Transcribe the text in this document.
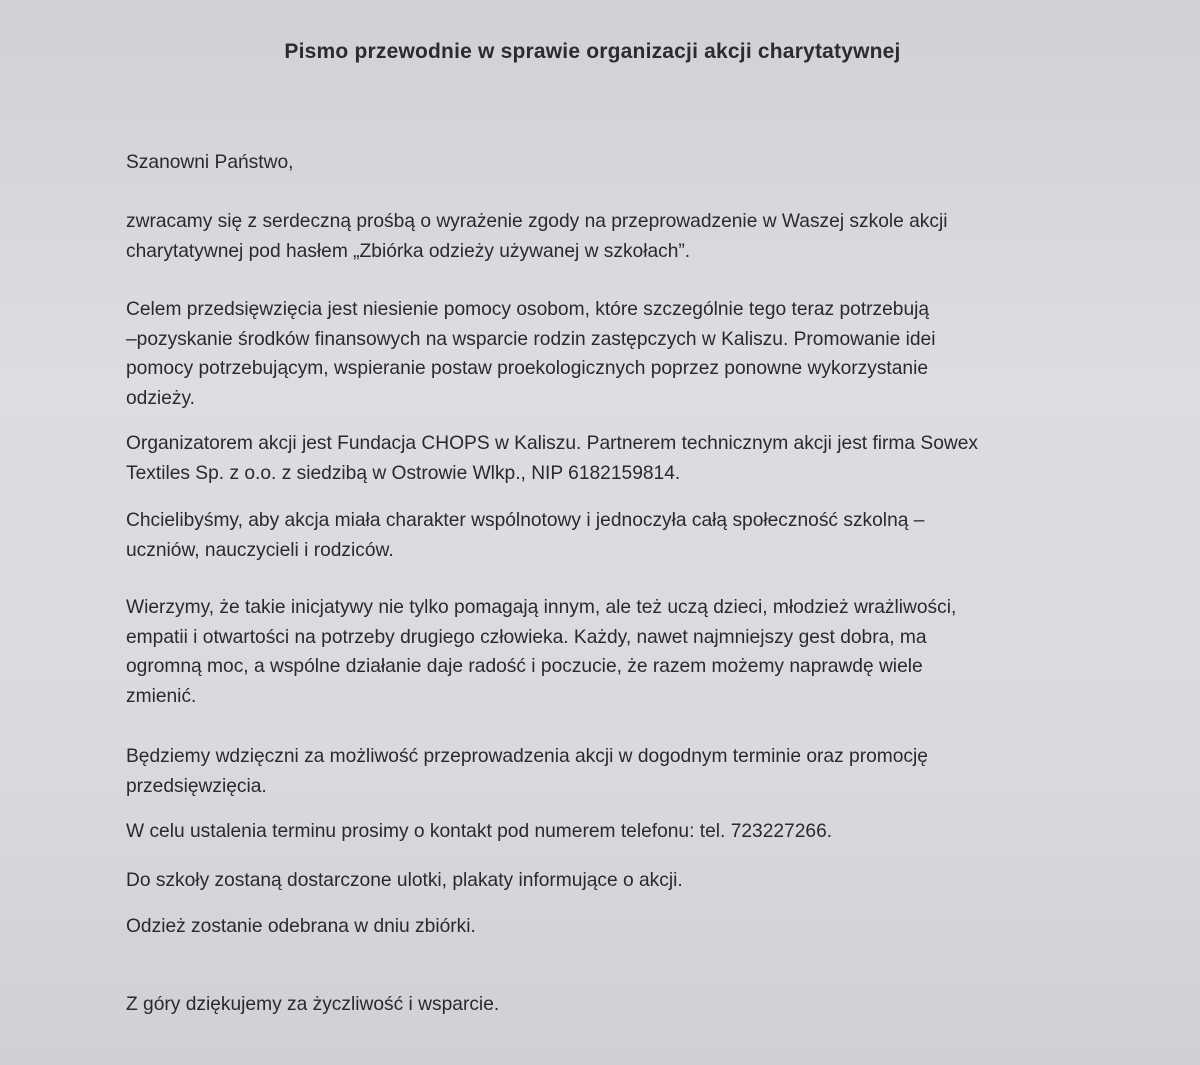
Pismo przewodnie w sprawie organizacji akcji charytatywnej

Szanowni Państwo,

zwracamy się z serdeczną prośbą o wyrażenie zgody na przeprowadzenie w Waszej szkole akcji
charytatywnej pod hasłem „Zbiórka odzieży używanej w szkołach”.

Celem przedsięwzięcia jest niesienie pomocy osobom, które szczególnie tego teraz potrzebują
–pozyskanie środków finansowych na wsparcie rodzin zastępczych w Kaliszu. Promowanie idei
pomocy potrzebującym, wspieranie postaw proekologicznych poprzez ponowne wykorzystanie
odzieży.

Organizatorem akcji jest Fundacja CHOPS w Kaliszu. Partnerem technicznym akcji jest firma Sowex
Textiles Sp. z o.o. z siedzibą w Ostrowie Wlkp., NIP 6182159814.

Chcielibyśmy, aby akcja miała charakter wspólnotowy i jednoczyła całą społeczność szkolną –
uczniów, nauczycieli i rodziców.

Wierzymy, że takie inicjatywy nie tylko pomagają innym, ale też uczą dzieci, młodzież wrażliwości,
empatii i otwartości na potrzeby drugiego człowieka. Każdy, nawet najmniejszy gest dobra, ma
ogromną moc, a wspólne działanie daje radość i poczucie, że razem możemy naprawdę wiele
zmienić.

Będziemy wdzięczni za możliwość przeprowadzenia akcji w dogodnym terminie oraz promocję
przedsięwzięcia.

W celu ustalenia terminu prosimy o kontakt pod numerem telefonu: tel. 723227266.

Do szkoły zostaną dostarczone ulotki, plakaty informujące o akcji.

Odzież zostanie odebrana w dniu zbiórki.

Z góry dziękujemy za życzliwość i wsparcie.
